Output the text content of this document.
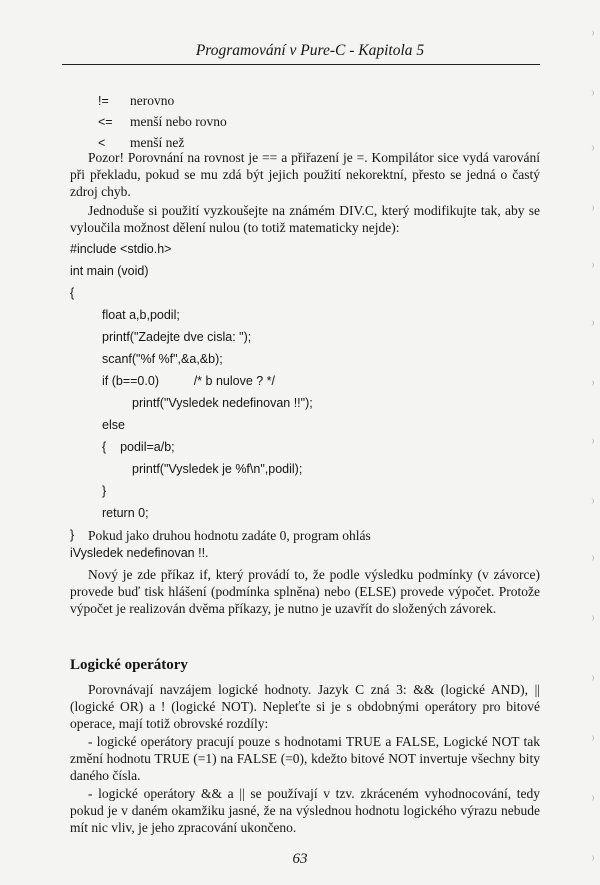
Programování v Pure-C - Kapitola 5
!= nerovno
<= menší nebo rovno
< menší než

Pozor! Porovnání na rovnost je == a přiřazení je =. Kompilátor sice vydá varování při překladu, pokud se mu zdá být jejich použití nekorektní, přesto se jedná o častý zdroj chyb.

Jednoduše si použití vyzkoušejte na známém DIV.C, který modifikujte tak, aby se vyloučila možnost dělení nulou (to totiž matematicky nejde):

#include <stdio.h>
int main (void)
{
float a,b,podil;
printf("Zadejte dve cisla: ");
scanf("%f %f",&a,&b);
if (b==0.0)          /* b nulove ? */
printf("Vysledek nedefinovan !!");
else
{    podil=a/b;
printf("Vysledek je %f\n",podil);
}
return 0;
}	Pokud jako druhou hodnotu zadáte 0, program ohlás
iVysledek nedefinovan !!.

Nový je zde příkaz if, který provádí to, že podle výsledku podmínky (v závorce) provede buď tisk hlášení (podmínka splněna) nebo (ELSE) provede výpočet. Protože výpočet je realizován dvěma příkazy, je nutno je uzavřít do složených závorek.

Logické operátory

Porovnávají navzájem logické hodnoty. Jazyk C zná 3: && (logické AND), || (logické OR) a ! (logické NOT). Nepleťte si je s obdobnými operátory pro bitové operace, mají totiž obrovské rozdíly:

- logické operátory pracují pouze s hodnotami TRUE a FALSE, Logické NOT tak změní hodnotu TRUE (=1) na FALSE (=0), kdežto bitové NOT invertuje všechny bity daného čísla.

- logické operátory && a || se používají v tzv. zkráceném vyhodnocování, tedy pokud je v daném okamžiku jasné, že na výslednou hodnotu logického výrazu nebude mít nic vliv, je jeho zpracování ukončeno.

63
